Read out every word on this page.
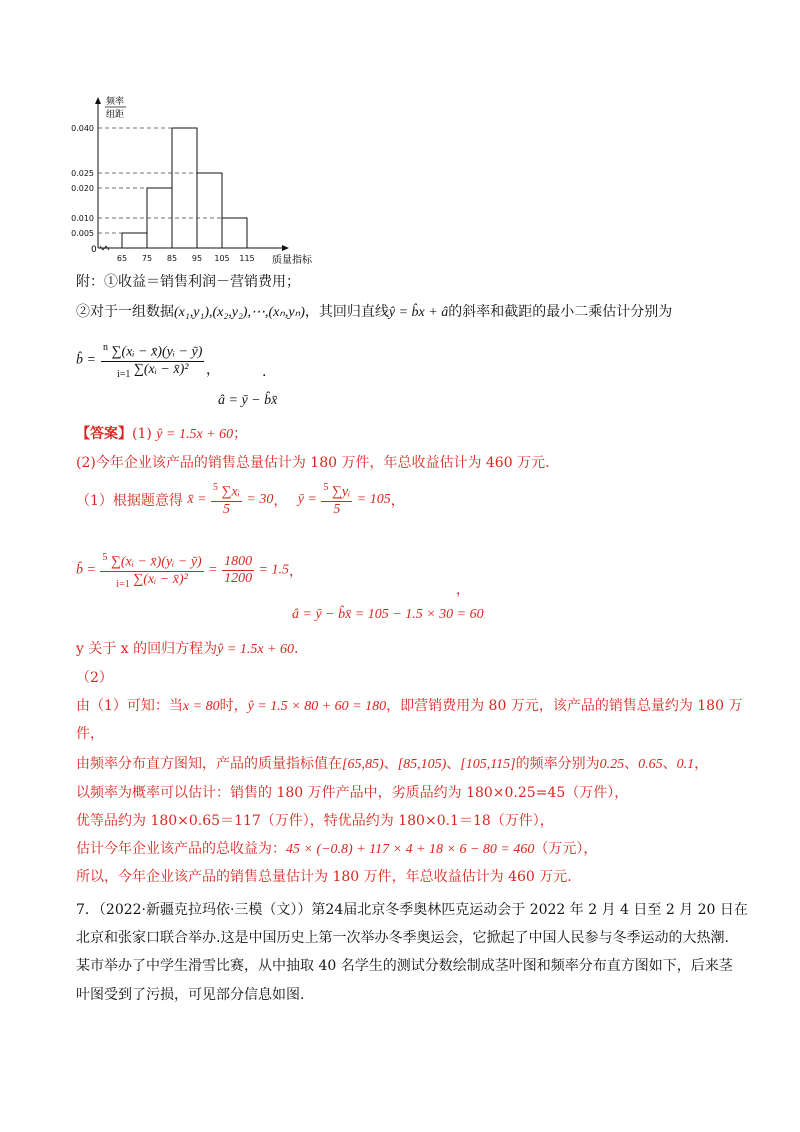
0.040
0.025
0.020
0.010
0.005
65 75 85 95 105 115
频率
组距
质量指标
0
附：①收益＝销售利润－营销费用；
②对于一组数据(x₁,y₁),(x₂,y₂),⋯,(xₙ,yₙ)，其回归直线ŷ = b̂x + â的斜率和截距的最小二乘估计分别为
b̂ = $\frac{^n \sum(xᵢ - x̄)(yᵢ - ȳ)}{_{i=1} \sum(xᵢ - x̄)^2}$ ，
â = ȳ − b̂x̄
.
【答案】(1) ŷ = 1.5x + 60；
(2)今年企业该产品的销售总量估计为 180 万件，年总收益估计为 460 万元.
（1）根据题意得 x̄ = $\frac{^5 \sum xᵢ}{5} = 30$， ȳ = $\frac{^5 \sum yᵢ}{5} = 105$，
b̂ = $\frac{^5 \sum(xᵢ - x̄)(yᵢ - ȳ)}{_{i=1} \sum(xᵢ - x̄)^2} = \frac{1800}{1200} = 1.5$，
，
â = ȳ − b̂x̄ = 105 − 1.5 × 30 = 60
y 关于 x 的回归方程为ŷ = 1.5x + 60.
（2）
由（1）可知：当x = 80时，ŷ = 1.5 × 80 + 60 = 180，即营销费用为 80 万元，该产品的销售总量约为 180 万
件，
由频率分布直方图知，产品的质量指标值在[65,85)、[85,105)、[105,115]的频率分别为0.25、0.65、0.1，
以频率为概率可以估计：销售的 180 万件产品中，劣质品约为 180×0.25=45（万件），
优等品约为 180×0.65＝117（万件），特优品约为 180×0.1＝18（万件），
估计今年企业该产品的总收益为：45 × (−0.8) + 117 × 4 + 18 × 6 − 80 = 460（万元），
所以，今年企业该产品的销售总量估计为 180 万件，年总收益估计为 460 万元.
7．（2022·新疆克拉玛依·三模（文））第24届北京冬季奥林匹克运动会于 2022 年 2 月 4 日至 2 月 20 日在
北京和张家口联合举办.这是中国历史上第一次举办冬季奥运会，它掀起了中国人民参与冬季运动的大热潮.
某市举办了中学生滑雪比赛，从中抽取 40 名学生的测试分数绘制成茎叶图和频率分布直方图如下，后来茎
叶图受到了污损，可见部分信息如图.
